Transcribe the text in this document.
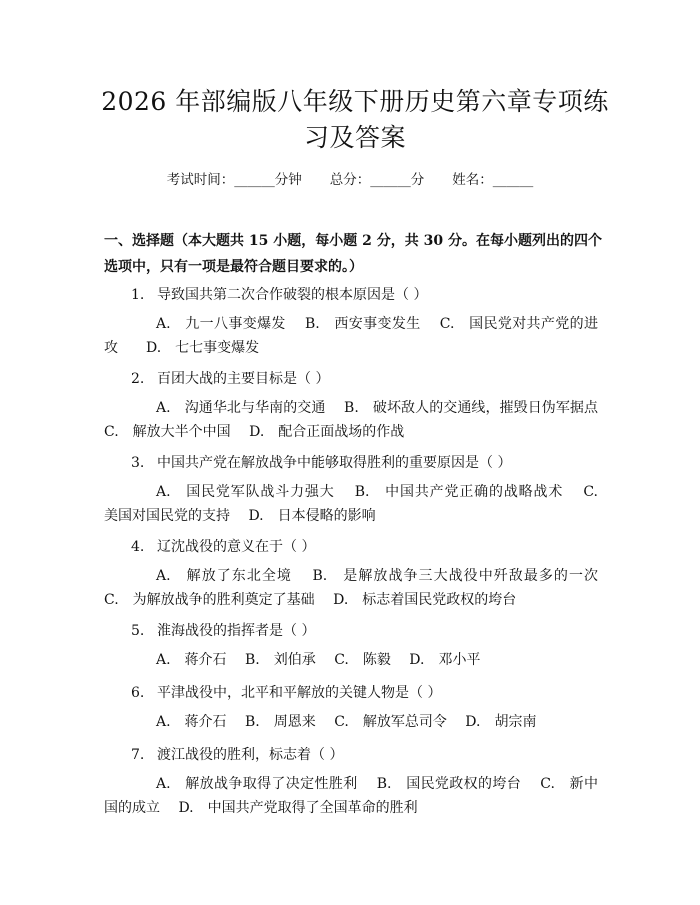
2026 年部编版八年级下册历史第六章专项练
习及答案
考试时间：______分钟 总分：______分 姓名：______
一、选择题（本大题共 15 小题，每小题 2 分，共 30 分。在每小题列出的四个选项中，只有一项是最符合题目要求的。）
1. 导致国共第二次合作破裂的根本原因是（ ）
A.　九一八事变爆发　 B.　西安事变发生　 C.　国民党对共产党的进攻　　D.　七七事变爆发
2. 百团大战的主要目标是（ ）
A.　沟通华北与华南的交通　 B.　破坏敌人的交通线，摧毁日伪军据点　　C.　解放大半个中国　 D.　配合正面战场的作战
3. 中国共产党在解放战争中能够取得胜利的重要原因是（ ）
A.　国民党军队战斗力强大　 B.　中国共产党正确的战略战术　 C.　美国对国民党的支持　 D.　日本侵略的影响
4. 辽沈战役的意义在于（ ）
A.　解放了东北全境　 B.　是解放战争三大战役中歼敌最多的一次　 C.　为解放战争的胜利奠定了基础　 D.　标志着国民党政权的垮台
5. 淮海战役的指挥者是（ ）
A.　蒋介石　 B.　刘伯承　 C.　陈毅　 D.　邓小平
6. 平津战役中，北平和平解放的关键人物是（ ）
A.　蒋介石　 B.　周恩来　 C.　解放军总司令　 D.　胡宗南
7. 渡江战役的胜利，标志着（ ）
A.　解放战争取得了决定性胜利　 B.　国民党政权的垮台　 C.　新中国的成立　 D.　中国共产党取得了全国革命的胜利
